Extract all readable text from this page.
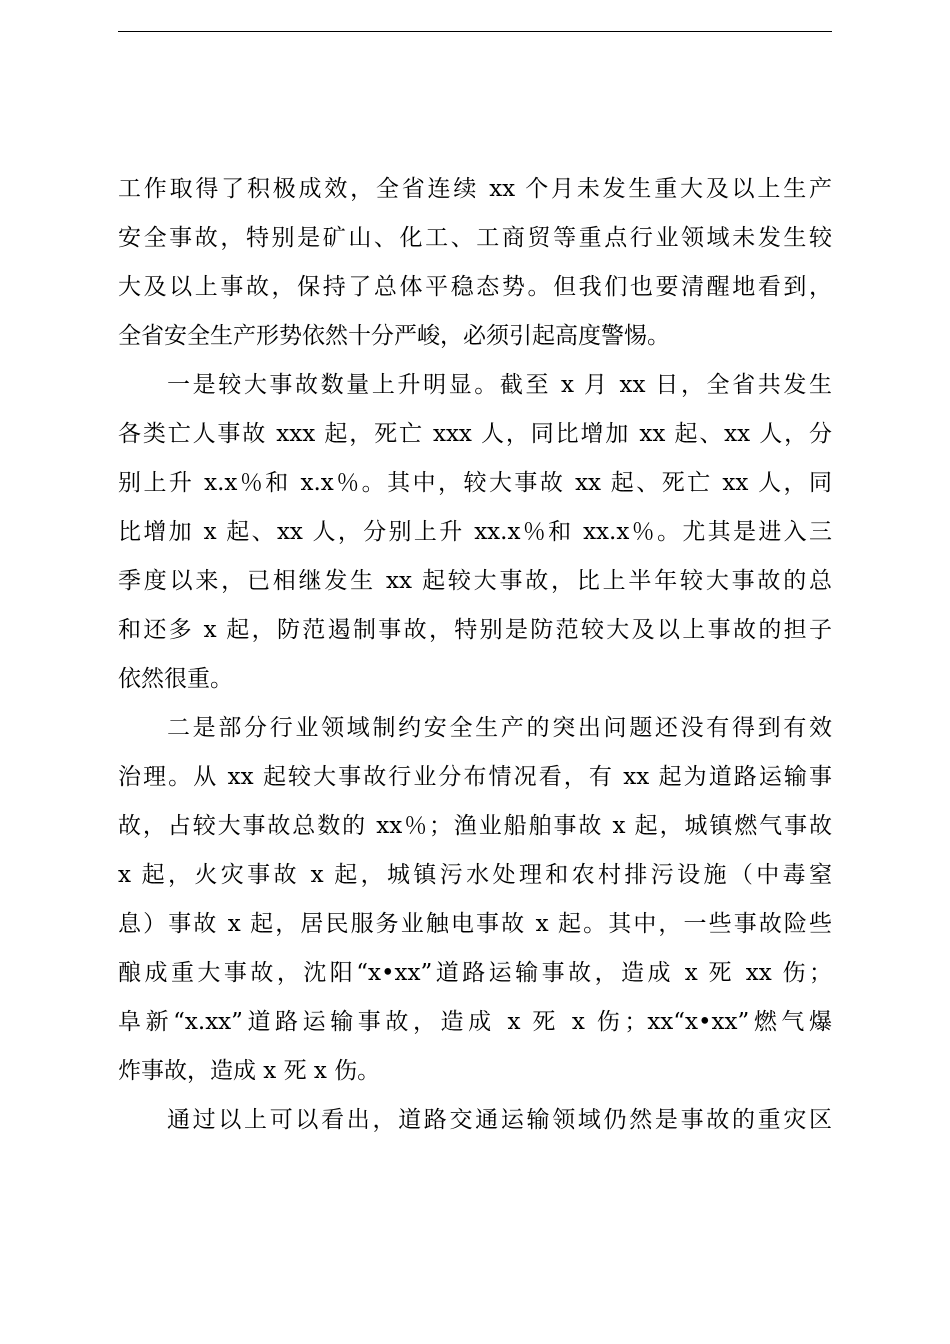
工作取得了积极成效，全省连续 xx 个月未发生重大及以上生产
安全事故，特别是矿山、化工、工商贸等重点行业领域未发生较
大及以上事故，保持了总体平稳态势。但我们也要清醒地看到，
全省安全生产形势依然十分严峻，必须引起高度警惕。
一是较大事故数量上升明显。截至 x 月 xx 日，全省共发生
各类亡人事故 xxx 起，死亡 xxx 人，同比增加 xx 起、xx 人，分
别上升 x.x％和 x.x％。其中，较大事故 xx 起、死亡 xx 人，同
比增加 x 起、xx 人，分别上升 xx.x％和 xx.x％。尤其是进入三
季度以来，已相继发生 xx 起较大事故，比上半年较大事故的总
和还多 x 起，防范遏制事故，特别是防范较大及以上事故的担子
依然很重。
二是部分行业领域制约安全生产的突出问题还没有得到有效
治理。从 xx 起较大事故行业分布情况看，有 xx 起为道路运输事
故，占较大事故总数的 xx％；渔业船舶事故 x 起，城镇燃气事故
x 起，火灾事故 x 起，城镇污水处理和农村排污设施（中毒窒
息）事故 x 起，居民服务业触电事故 x 起。其中，一些事故险些
酿成重大事故，沈阳“x•xx”道路运输事故，造成 x 死 xx 伤；
阜新“x.xx”道路运输事故，造成 x 死 x 伤；xx“x•xx”燃气爆
炸事故，造成 x 死 x 伤。
通过以上可以看出，道路交通运输领域仍然是事故的重灾区
